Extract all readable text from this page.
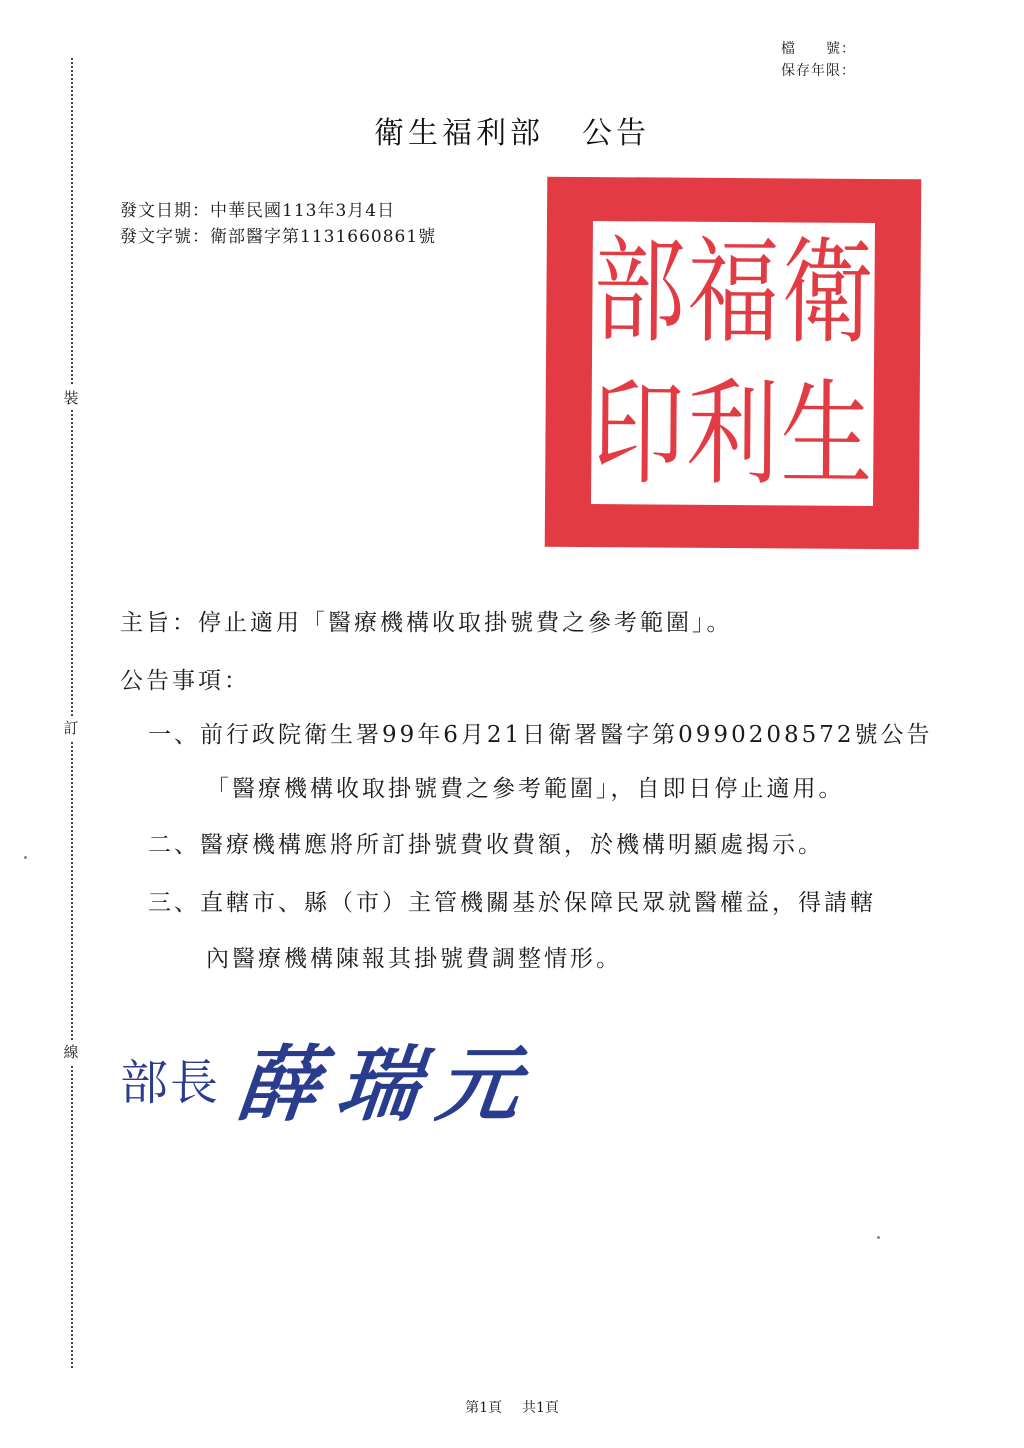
裝
訂
線
檔　　號：
保存年限：
衛生福利部 公告
發文日期：中華民國113年3月4日
發文字號：衛部醫字第1131660861號	衛
福
部
生
利
印
主旨：停止適用「醫療機構收取掛號費之參考範圍」。
公告事項：
一、前行政院衛生署99年6月21日衛署醫字第0990208572號公告
「醫療機構收取掛號費之參考範圍」，自即日停止適用。
二、醫療機構應將所訂掛號費收費額，於機構明顯處揭示。
三、直轄市、縣（市）主管機關基於保障民眾就醫權益，得請轄
內醫療機構陳報其掛號費調整情形。
部長 薛瑞元
第1頁 共1頁
